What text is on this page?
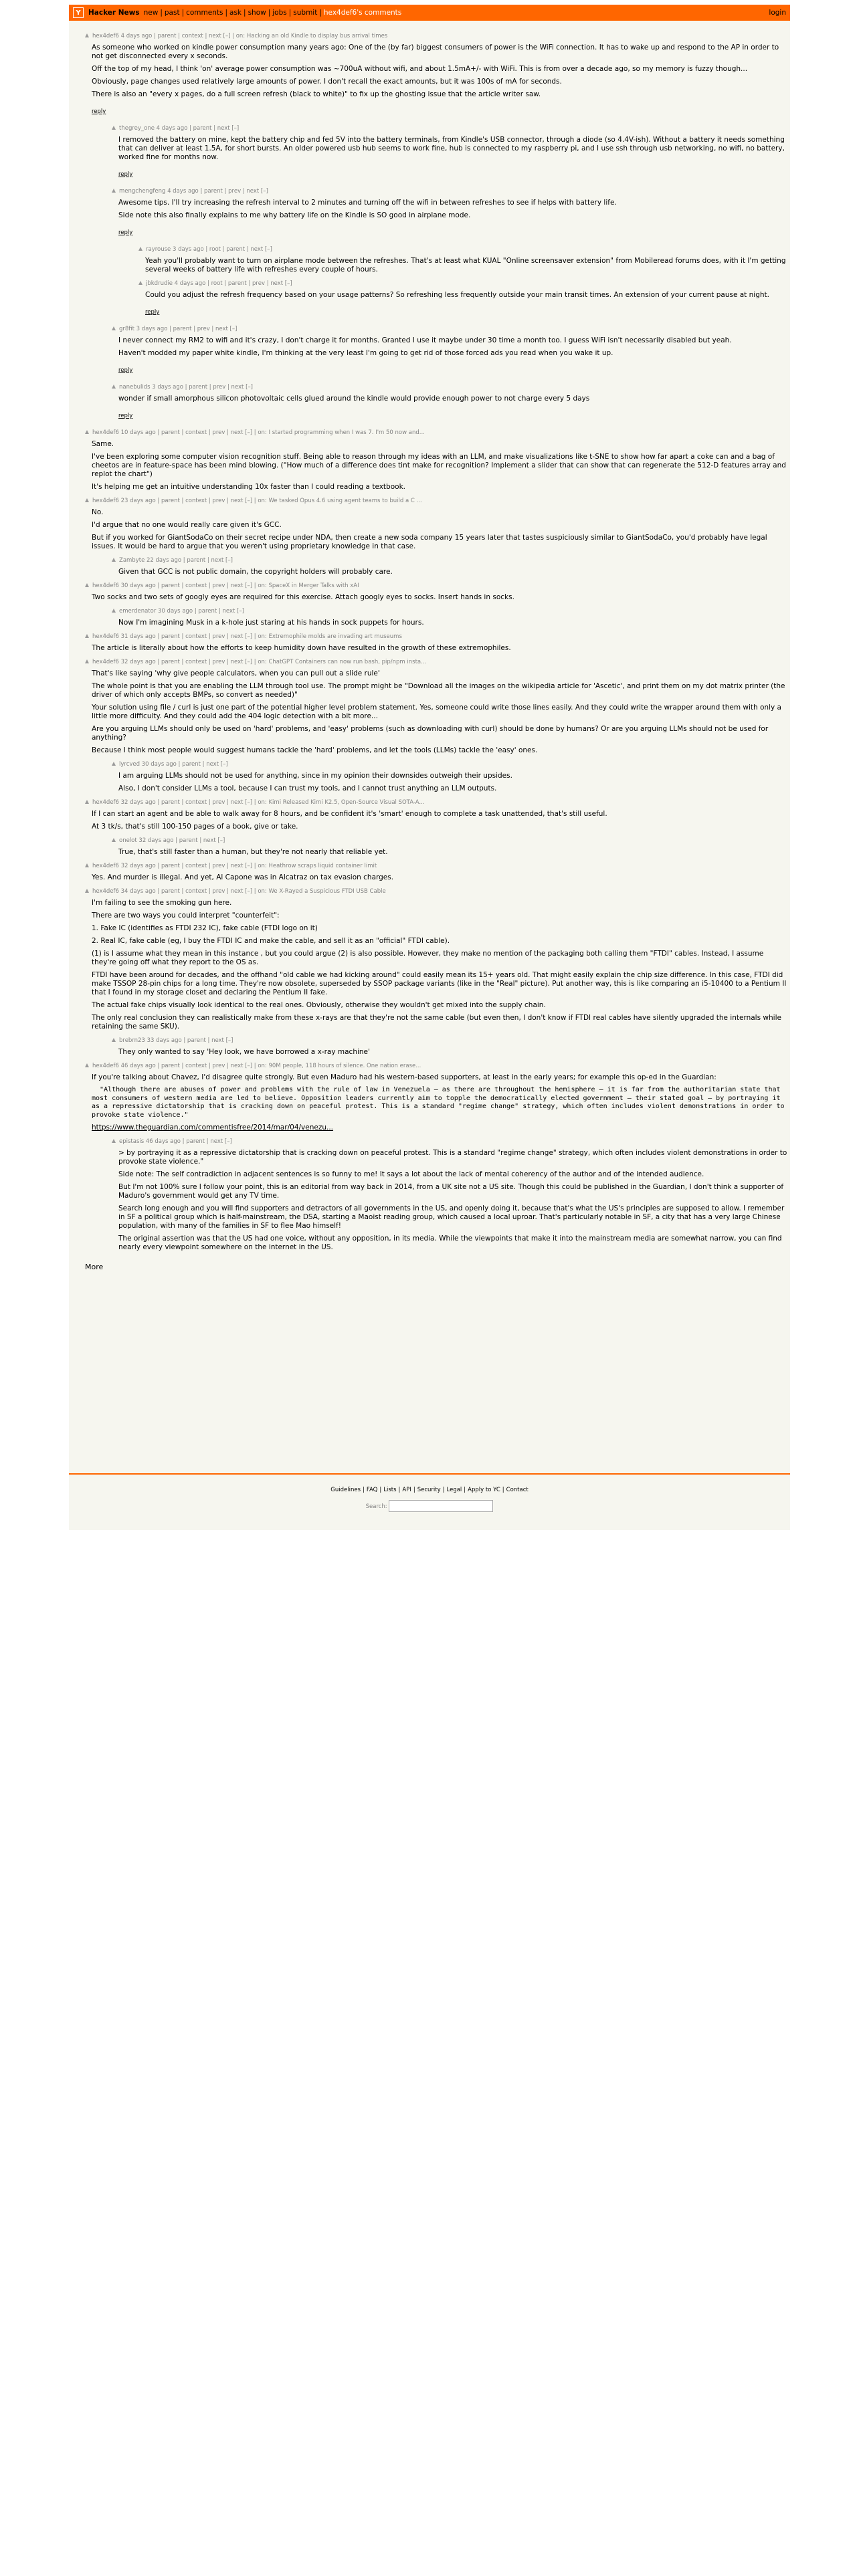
Y	Hacker News new | past | comments | ask | show | jobs | submit | hex4def6's comments	login
hex4def6 4 days ago | parent | context | next [–] | on: Hacking an old Kindle to display bus arrival times

As someone who worked on kindle power consumption many years ago: One of the (by far) biggest consumers of power is the WiFi connection. It has to wake up and respond to the AP in order to not get disconnected every x seconds.

Off the top of my head, I think 'on' average power consumption was ~700uA without wifi, and about 1.5mA+/- with WiFi. This is from over a decade ago, so my memory is fuzzy though...

Obviously, page changes used relatively large amounts of power. I don't recall the exact amounts, but it was 100s of mA for seconds.

There is also an "every x pages, do a full screen refresh (black to white)" to fix up the ghosting issue that the article writer saw.

reply
thegrey_one 4 days ago | parent | next [–]

I removed the battery on mine, kept the battery chip and fed 5V into the battery terminals, from Kindle's USB connector, through a diode (so 4.4V-ish). Without a battery it needs something that can deliver at least 1.5A, for short bursts. An older powered usb hub seems to work fine, hub is connected to my raspberry pi, and I use ssh through usb networking, no wifi, no battery, worked fine for months now.

reply
mengchengfeng 4 days ago | parent | prev | next [–]

Awesome tips. I'll try increasing the refresh interval to 2 minutes and turning off the wifi in between refreshes to see if helps with battery life.

Side note this also finally explains to me why battery life on the Kindle is SO good in airplane mode.

reply
rayrouse 3 days ago | root | parent | next [–]

Yeah you'll probably want to turn on airplane mode between the refreshes. That's at least what KUAL "Online screensaver extension" from Mobileread forums does, with it I'm getting several weeks of battery life with refreshes every couple of hours.

jbkdrudie 4 days ago | root | parent | prev | next [–]

Could you adjust the refresh frequency based on your usage patterns? So refreshing less frequently outside your main transit times. An extension of your current pause at night.

reply
gr8fit 3 days ago | parent | prev | next [–]

I never connect my RM2 to wifi and it's crazy, I don't charge it for months. Granted I use it maybe under 30 time a month too. I guess WiFi isn't necessarily disabled but yeah.

Haven't modded my paper white kindle, I'm thinking at the very least I'm going to get rid of those forced ads you read when you wake it up.

reply
nanebulids 3 days ago | parent | prev | next [–]

wonder if small amorphous silicon photovoltaic cells glued around the kindle would provide enough power to not charge every 5 days

reply
hex4def6 10 days ago | parent | context | prev | next [–] | on: I started programming when I was 7. I'm 50 now and...

Same.

I've been exploring some computer vision recognition stuff. Being able to reason through my ideas with an LLM, and make visualizations like t-SNE to show how far apart a coke can and a bag of cheetos are in feature-space has been mind blowing. ("How much of a difference does tint make for recognition? Implement a slider that can show that can regenerate the 512-D features array and replot the chart")

It's helping me get an intuitive understanding 10x faster than I could reading a textbook.

hex4def6 23 days ago | parent | context | prev | next [–] | on: We tasked Opus 4.6 using agent teams to build a C ...

No.

I'd argue that no one would really care given it's GCC.

But if you worked for GiantSodaCo on their secret recipe under NDA, then create a new soda company 15 years later that tastes suspiciously similar to GiantSodaCo, you'd probably have legal issues. It would be hard to argue that you weren't using proprietary knowledge in that case.

Zambyte 22 days ago | parent | next [–]

Given that GCC is not public domain, the copyright holders will probably care.

hex4def6 30 days ago | parent | context | prev | next [–] | on: SpaceX in Merger Talks with xAI

Two socks and two sets of googly eyes are required for this exercise. Attach googly eyes to socks. Insert hands in socks.

emerdenator 30 days ago | parent | next [–]

Now I'm imagining Musk in a k-hole just staring at his hands in sock puppets for hours.

hex4def6 31 days ago | parent | context | prev | next [–] | on: Extremophile molds are invading art museums

The article is literally about how the efforts to keep humidity down have resulted in the growth of these extremophiles.

hex4def6 32 days ago | parent | context | prev | next [–] | on: ChatGPT Containers can now run bash, pip/npm insta...

That's like saying 'why give people calculators, when you can pull out a slide rule'

The whole point is that you are enabling the LLM through tool use. The prompt might be "Download all the images on the wikipedia article for 'Ascetic', and print them on my dot matrix printer (the driver of which only accepts BMPs, so convert as needed)"

Your solution using file / curl is just one part of the potential higher level problem statement. Yes, someone could write those lines easily. And they could write the wrapper around them with only a little more difficulty. And they could add the 404 logic detection with a bit more...

Are you arguing LLMs should only be used on 'hard' problems, and 'easy' problems (such as downloading with curl) should be done by humans? Or are you arguing LLMs should not be used for anything?

Because I think most people would suggest humans tackle the 'hard' problems, and let the tools (LLMs) tackle the 'easy' ones.

lyrcved 30 days ago | parent | next [–]

I am arguing LLMs should not be used for anything, since in my opinion their downsides outweigh their upsides.

Also, I don't consider LLMs a tool, because I can trust my tools, and I cannot trust anything an LLM outputs.

hex4def6 32 days ago | parent | context | prev | next [–] | on: Kimi Released Kimi K2.5, Open-Source Visual SOTA-A...

If I can start an agent and be able to walk away for 8 hours, and be confident it's 'smart' enough to complete a task unattended, that's still useful.

At 3 tk/s, that's still 100-150 pages of a book, give or take.

onelot 32 days ago | parent | next [–]

True, that's still faster than a human, but they're not nearly that reliable yet.

hex4def6 32 days ago | parent | context | prev | next [–] | on: Heathrow scraps liquid container limit

Yes. And murder is illegal. And yet, Al Capone was in Alcatraz on tax evasion charges.

hex4def6 34 days ago | parent | context | prev | next [–] | on: We X-Rayed a Suspicious FTDI USB Cable

I'm failing to see the smoking gun here.

There are two ways you could interpret "counterfeit":

1. Fake IC (identifies as FTDI 232 IC), fake cable (FTDI logo on it)

2. Real IC, fake cable (eg, I buy the FTDI IC and make the cable, and sell it as an "official" FTDI cable).

(1) is I assume what they mean in this instance , but you could argue (2) is also possible. However, they make no mention of the packaging both calling them "FTDI" cables. Instead, I assume they're going off what they report to the OS as.

FTDI have been around for decades, and the offhand "old cable we had kicking around" could easily mean its 15+ years old. That might easily explain the chip size difference. In this case, FTDI did make TSSOP 28-pin chips for a long time. They're now obsolete, superseded by SSOP package variants (like in the "Real" picture). Put another way, this is like comparing an i5-10400 to a Pentium II that I found in my storage closet and declaring the Pentium II fake.

The actual fake chips visually look identical to the real ones. Obviously, otherwise they wouldn't get mixed into the supply chain.

The only real conclusion they can realistically make from these x-rays are that they're not the same cable (but even then, I don't know if FTDI real cables have silently upgraded the internals while retaining the same SKU).

brebrn23 33 days ago | parent | next [–]

They only wanted to say 'Hey look, we have borrowed a x-ray machine'

hex4def6 46 days ago | parent | context | prev | next [–] | on: 90M people, 118 hours of silence. One nation erase...

If you're talking about Chavez, I'd disagree quite strongly. But even Maduro had his western-based supporters, at least in the early years; for example this op-ed in the Guardian:

"Although there are abuses of power and problems with the rule of law in Venezuela — as there are throughout the hemisphere — it is far from the authoritarian state that most consumers of western media are led to believe. Opposition leaders currently aim to topple the democratically elected government — their stated goal — by portraying it as a repressive dictatorship that is cracking down on peaceful protest. This is a standard "regime change" strategy, which often includes violent demonstrations in order to provoke state violence."

https://www.theguardian.com/commentisfree/2014/mar/04/venezu...

epistasis 46 days ago | parent | next [–]

> by portraying it as a repressive dictatorship that is cracking down on peaceful protest. This is a standard "regime change" strategy, which often includes violent demonstrations in order to provoke state violence."

Side note: The self contradiction in adjacent sentences is so funny to me! It says a lot about the lack of mental coherency of the author and of the intended audience.

But I'm not 100% sure I follow your point, this is an editorial from way back in 2014, from a UK site not a US site. Though this could be published in the Guardian, I don't think a supporter of Maduro's government would get any TV time.

Search long enough and you will find supporters and detractors of all governments in the US, and openly doing it, because that's what the US's principles are supposed to allow. I remember in SF a political group which is half-mainstream, the DSA, starting a Maoist reading group, which caused a local uproar. That's particularly notable in SF, a city that has a very large Chinese population, with many of the families in SF to flee Mao himself!

The original assertion was that the US had one voice, without any opposition, in its media. While the viewpoints that make it into the mainstream media are somewhat narrow, you can find nearly every viewpoint somewhere on the internet in the US.

More
Guidelines | FAQ | Lists | API | Security | Legal | Apply to YC | Contact
Search:
